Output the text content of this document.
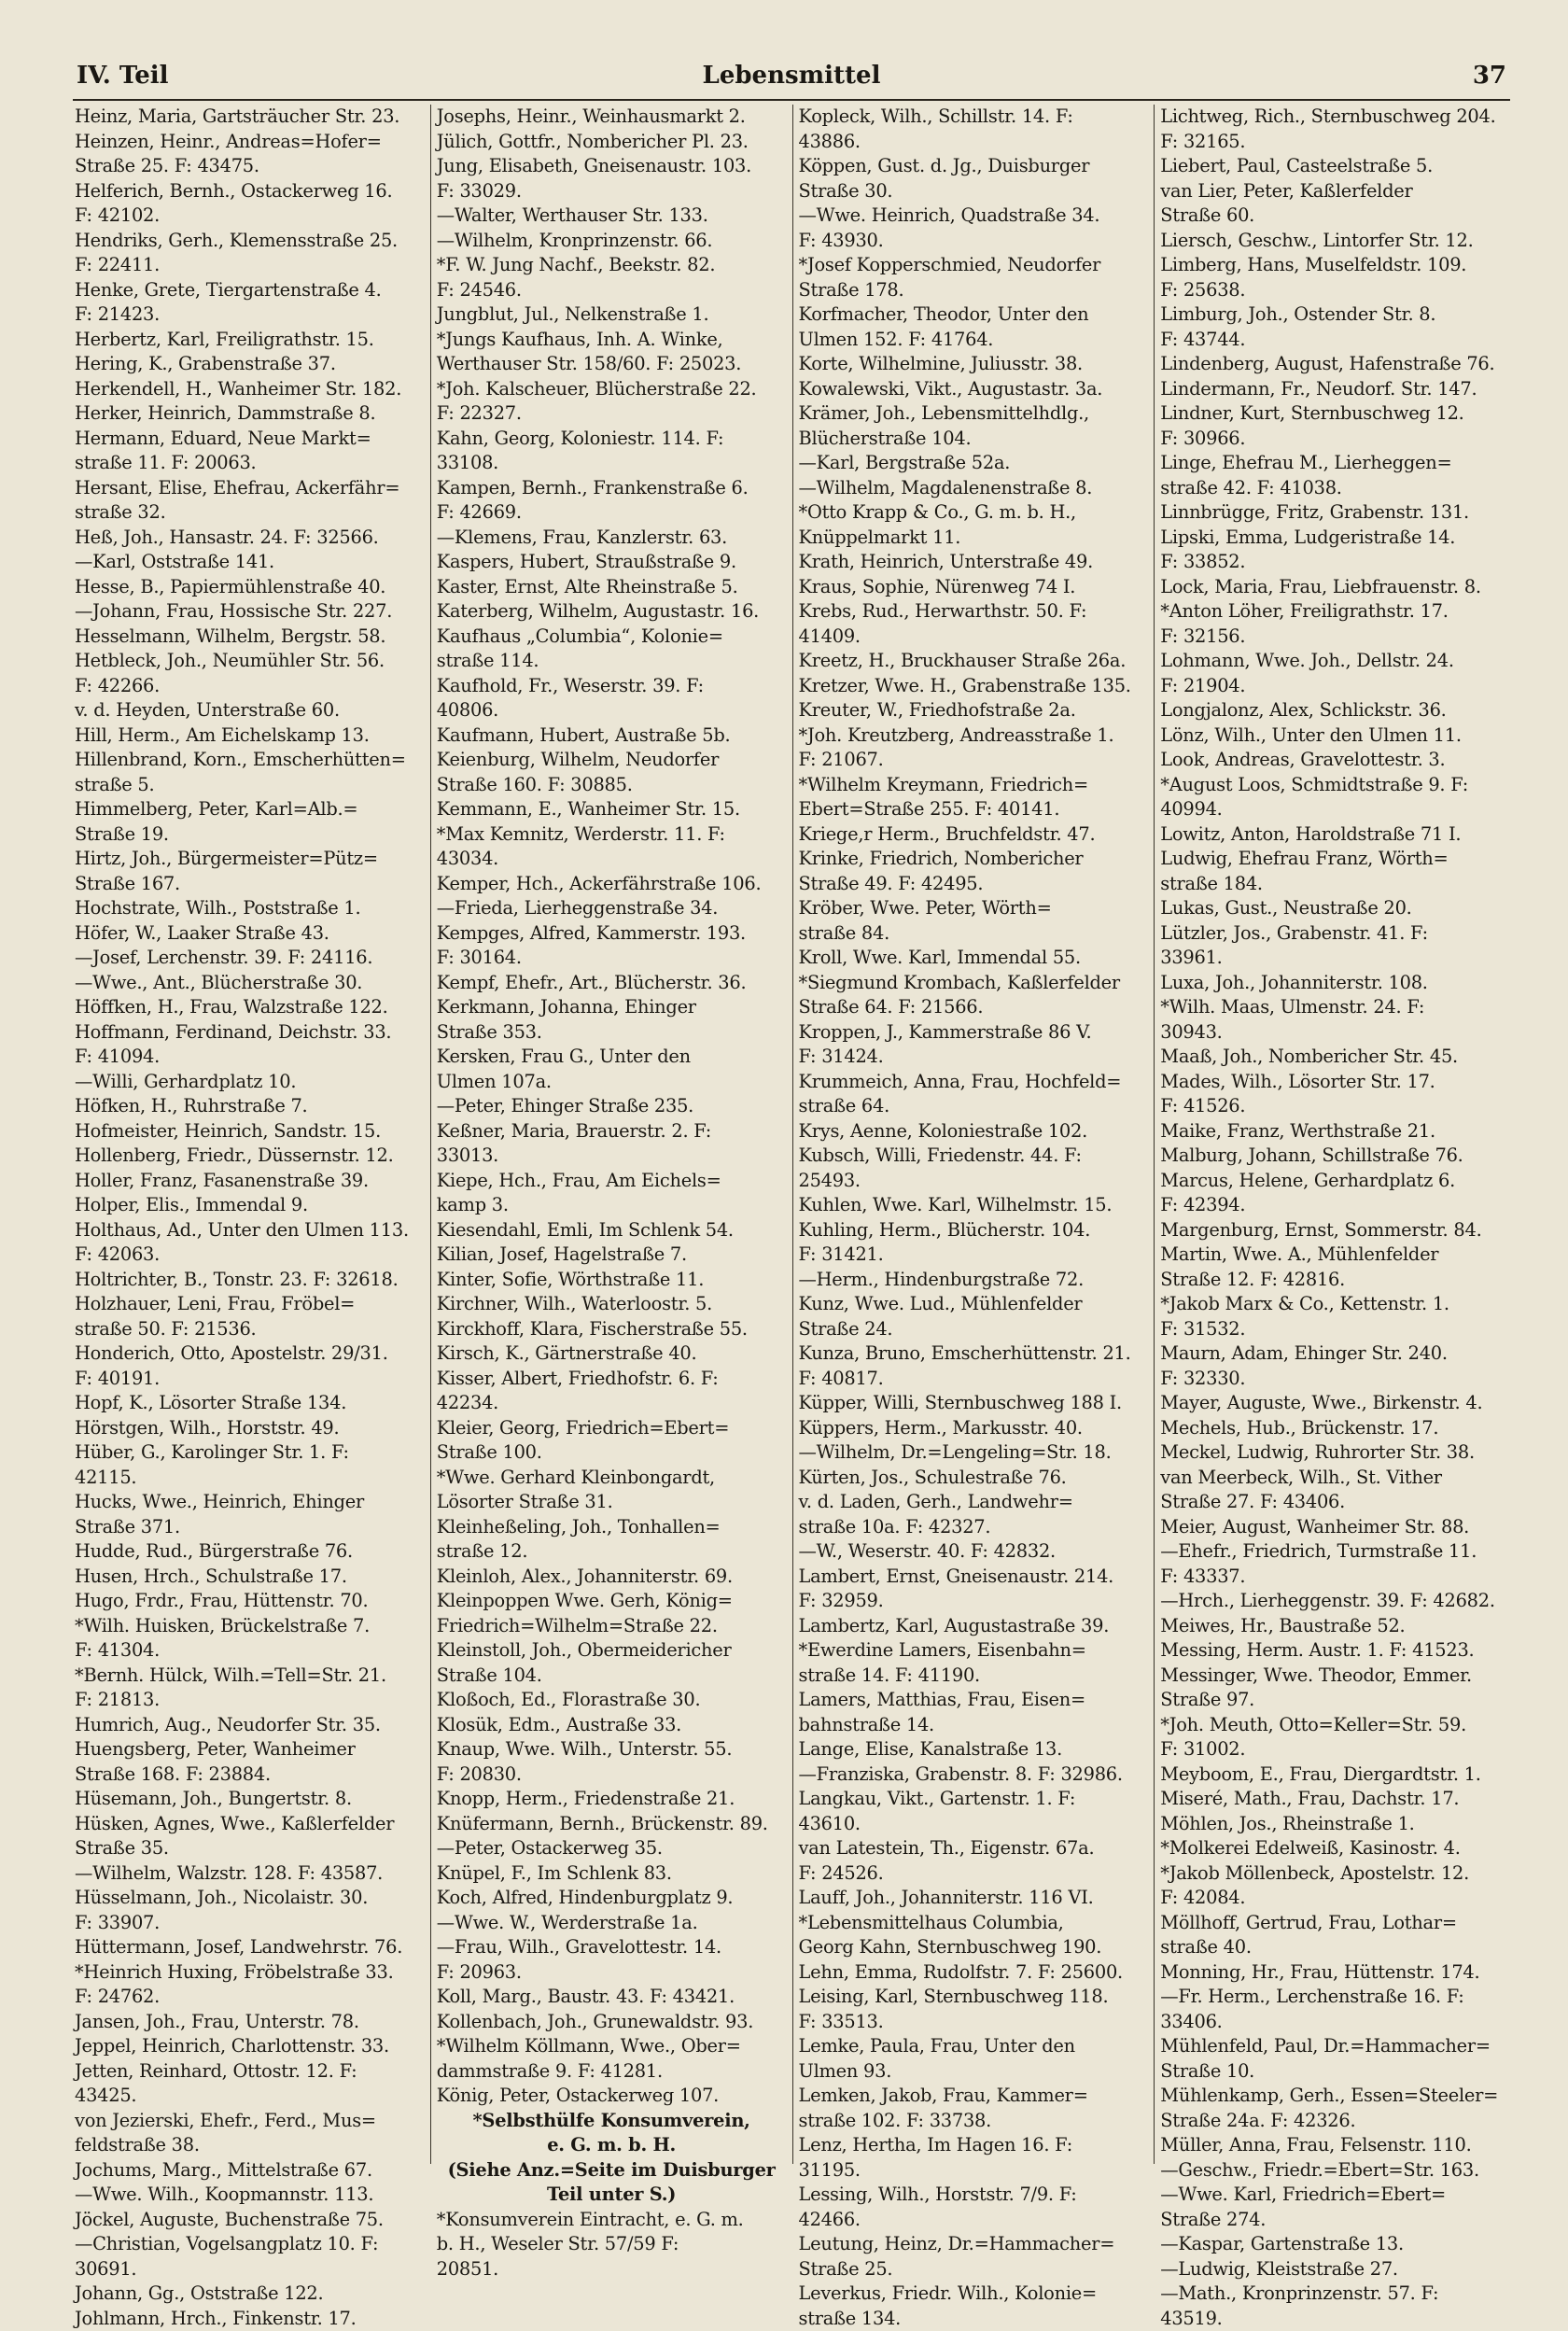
IV. Teil	Lebensmittel	37
Heinz, Maria, Gartsträucher Str. 23.
Heinzen, Heinr., Andreas=Hofer=
Straße 25. F: 43475.
Helferich, Bernh., Ostackerweg 16.
F: 42102.
Hendriks, Gerh., Klemensstraße 25.
F: 22411.
Henke, Grete, Tiergartenstraße 4.
F: 21423.
Herbertz, Karl, Freiligrathstr. 15.
Hering, K., Grabenstraße 37.
Herkendell, H., Wanheimer Str. 182.
Herker, Heinrich, Dammstraße 8.
Hermann, Eduard, Neue Markt=
straße 11. F: 20063.
Hersant, Elise, Ehefrau, Ackerfähr=
straße 32.
Heß, Joh., Hansastr. 24. F: 32566.
—Karl, Oststraße 141.
Hesse, B., Papiermühlenstraße 40.
—Johann, Frau, Hossische Str. 227.
Hesselmann, Wilhelm, Bergstr. 58.
Hetbleck, Joh., Neumühler Str. 56.
F: 42266.
v. d. Heyden, Unterstraße 60.
Hill, Herm., Am Eichelskamp 13.
Hillenbrand, Korn., Emscherhütten=
straße 5.
Himmelberg, Peter, Karl=Alb.=
Straße 19.
Hirtz, Joh., Bürgermeister=Pütz=
Straße 167.
Hochstrate, Wilh., Poststraße 1.
Höfer, W., Laaker Straße 43.
—Josef, Lerchenstr. 39. F: 24116.
—Wwe., Ant., Blücherstraße 30.
Höffken, H., Frau, Walzstraße 122.
Hoffmann, Ferdinand, Deichstr. 33.
F: 41094.
—Willi, Gerhardplatz 10.
Höfken, H., Ruhrstraße 7.
Hofmeister, Heinrich, Sandstr. 15.
Hollenberg, Friedr., Düssernstr. 12.
Holler, Franz, Fasanenstraße 39.
Holper, Elis., Immendal 9.
Holthaus, Ad., Unter den Ulmen 113.
F: 42063.
Holtrichter, B., Tonstr. 23. F: 32618.
Holzhauer, Leni, Frau, Fröbel=
straße 50. F: 21536.
Honderich, Otto, Apostelstr. 29/31.
F: 40191.
Hopf, K., Lösorter Straße 134.
Hörstgen, Wilh., Horststr. 49.
Hüber, G., Karolinger Str. 1. F:
42115.
Hucks, Wwe., Heinrich, Ehinger
Straße 371.
Hudde, Rud., Bürgerstraße 76.
Husen, Hrch., Schulstraße 17.
Hugo, Frdr., Frau, Hüttenstr. 70.
*Wilh. Huisken, Brückelstraße 7.
F: 41304.
*Bernh. Hülck, Wilh.=Tell=Str. 21.
F: 21813.
Humrich, Aug., Neudorfer Str. 35.
Huengsberg, Peter, Wanheimer
Straße 168. F: 23884.
Hüsemann, Joh., Bungertstr. 8.
Hüsken, Agnes, Wwe., Kaßlerfelder
Straße 35.
—Wilhelm, Walzstr. 128. F: 43587.
Hüsselmann, Joh., Nicolaistr. 30.
F: 33907.
Hüttermann, Josef, Landwehrstr. 76.
*Heinrich Huxing, Fröbelstraße 33.
F: 24762.
Jansen, Joh., Frau, Unterstr. 78.
Jeppel, Heinrich, Charlottenstr. 33.
Jetten, Reinhard, Ottostr. 12. F:
43425.
von Jezierski, Ehefr., Ferd., Mus=
feldstraße 38.
Jochums, Marg., Mittelstraße 67.
—Wwe. Wilh., Koopmannstr. 113.
Jöckel, Auguste, Buchenstraße 75.
—Christian, Vogelsangplatz 10. F:
30691.
Johann, Gg., Oststraße 122.
Johlmann, Hrch., Finkenstr. 17.
Josephs, Heinr., Weinhausmarkt 2.
Jülich, Gottfr., Nombericher Pl. 23.
Jung, Elisabeth, Gneisenaustr. 103.
F: 33029.
—Walter, Werthauser Str. 133.
—Wilhelm, Kronprinzenstr. 66.
*F. W. Jung Nachf., Beekstr. 82.
F: 24546.
Jungblut, Jul., Nelkenstraße 1.
*Jungs Kaufhaus, Inh. A. Winke,
Werthauser Str. 158/60. F: 25023.
*Joh. Kalscheuer, Blücherstraße 22.
F: 22327.
Kahn, Georg, Koloniestr. 114. F:
33108.
Kampen, Bernh., Frankenstraße 6.
F: 42669.
—Klemens, Frau, Kanzlerstr. 63.
Kaspers, Hubert, Straußstraße 9.
Kaster, Ernst, Alte Rheinstraße 5.
Katerberg, Wilhelm, Augustastr. 16.
Kaufhaus „Columbia“, Kolonie=
straße 114.
Kaufhold, Fr., Weserstr. 39. F:
40806.
Kaufmann, Hubert, Austraße 5b.
Keienburg, Wilhelm, Neudorfer
Straße 160. F: 30885.
Kemmann, E., Wanheimer Str. 15.
*Max Kemnitz, Werderstr. 11. F:
43034.
Kemper, Hch., Ackerfährstraße 106.
—Frieda, Lierheggenstraße 34.
Kempges, Alfred, Kammerstr. 193.
F: 30164.
Kempf, Ehefr., Art., Blücherstr. 36.
Kerkmann, Johanna, Ehinger
Straße 353.
Kersken, Frau G., Unter den
Ulmen 107a.
—Peter, Ehinger Straße 235.
Keßner, Maria, Brauerstr. 2. F:
33013.
Kiepe, Hch., Frau, Am Eichels=
kamp 3.
Kiesendahl, Emli, Im Schlenk 54.
Kilian, Josef, Hagelstraße 7.
Kinter, Sofie, Wörthstraße 11.
Kirchner, Wilh., Waterloostr. 5.
Kirckhoff, Klara, Fischerstraße 55.
Kirsch, K., Gärtnerstraße 40.
Kisser, Albert, Friedhofstr. 6. F:
42234.
Kleier, Georg, Friedrich=Ebert=
Straße 100.
*Wwe. Gerhard Kleinbongardt,
Lösorter Straße 31.
Kleinheßeling, Joh., Tonhallen=
straße 12.
Kleinloh, Alex., Johanniterstr. 69.
Kleinpoppen Wwe. Gerh, König=
Friedrich=Wilhelm=Straße 22.
Kleinstoll, Joh., Obermeidericher
Straße 104.
Kloßoch, Ed., Florastraße 30.
Klosük, Edm., Austraße 33.
Knaup, Wwe. Wilh., Unterstr. 55.
F: 20830.
Knopp, Herm., Friedenstraße 21.
Knüfermann, Bernh., Brückenstr. 89.
—Peter, Ostackerweg 35.
Knüpel, F., Im Schlenk 83.
Koch, Alfred, Hindenburgplatz 9.
—Wwe. W., Werderstraße 1a.
—Frau, Wilh., Gravelottestr. 14.
F: 20963.
Koll, Marg., Baustr. 43. F: 43421.
Kollenbach, Joh., Grunewaldstr. 93.
*Wilhelm Köllmann, Wwe., Ober=
dammstraße 9. F: 41281.
König, Peter, Ostackerweg 107.
*Selbsthülfe Konsumverein,
e. G. m. b. H.
(Siehe Anz.=Seite im Duisburger
Teil unter S.)
*Konsumverein Eintracht, e. G. m.
b. H., Weseler Str. 57/59 F:
20851.
Kopleck, Wilh., Schillstr. 14. F:
43886.
Köppen, Gust. d. Jg., Duisburger
Straße 30.
—Wwe. Heinrich, Quadstraße 34.
F: 43930.
*Josef Kopperschmied, Neudorfer
Straße 178.
Korfmacher, Theodor, Unter den
Ulmen 152. F: 41764.
Korte, Wilhelmine, Juliusstr. 38.
Kowalewski, Vikt., Augustastr. 3a.
Krämer, Joh., Lebensmittelhdlg.,
Blücherstraße 104.
—Karl, Bergstraße 52a.
—Wilhelm, Magdalenenstraße 8.
*Otto Krapp & Co., G. m. b. H.,
Knüppelmarkt 11.
Krath, Heinrich, Unterstraße 49.
Kraus, Sophie, Nürenweg 74 I.
Krebs, Rud., Herwarthstr. 50. F:
41409.
Kreetz, H., Bruckhauser Straße 26a.
Kretzer, Wwe. H., Grabenstraße 135.
Kreuter, W., Friedhofstraße 2a.
*Joh. Kreutzberg, Andreasstraße 1.
F: 21067.
*Wilhelm Kreymann, Friedrich=
Ebert=Straße 255. F: 40141.
Kriege,r Herm., Bruchfeldstr. 47.
Krinke, Friedrich, Nombericher
Straße 49. F: 42495.
Kröber, Wwe. Peter, Wörth=
straße 84.
Kroll, Wwe. Karl, Immendal 55.
*Siegmund Krombach, Kaßlerfelder
Straße 64. F: 21566.
Kroppen, J., Kammerstraße 86 V.
F: 31424.
Krummeich, Anna, Frau, Hochfeld=
straße 64.
Krys, Aenne, Koloniestraße 102.
Kubsch, Willi, Friedenstr. 44. F:
25493.
Kuhlen, Wwe. Karl, Wilhelmstr. 15.
Kuhling, Herm., Blücherstr. 104.
F: 31421.
—Herm., Hindenburgstraße 72.
Kunz, Wwe. Lud., Mühlenfelder
Straße 24.
Kunza, Bruno, Emscherhüttenstr. 21.
F: 40817.
Küpper, Willi, Sternbuschweg 188 I.
Küppers, Herm., Markusstr. 40.
—Wilhelm, Dr.=Lengeling=Str. 18.
Kürten, Jos., Schulestraße 76.
v. d. Laden, Gerh., Landwehr=
straße 10a. F: 42327.
—W., Weserstr. 40. F: 42832.
Lambert, Ernst, Gneisenaustr. 214.
F: 32959.
Lambertz, Karl, Augustastraße 39.
*Ewerdine Lamers, Eisenbahn=
straße 14. F: 41190.
Lamers, Matthias, Frau, Eisen=
bahnstraße 14.
Lange, Elise, Kanalstraße 13.
—Franziska, Grabenstr. 8. F: 32986.
Langkau, Vikt., Gartenstr. 1. F:
43610.
van Latestein, Th., Eigenstr. 67a.
F: 24526.
Lauff, Joh., Johanniterstr. 116 VI.
*Lebensmittelhaus Columbia,
Georg Kahn, Sternbuschweg 190.
Lehn, Emma, Rudolfstr. 7. F: 25600.
Leising, Karl, Sternbuschweg 118.
F: 33513.
Lemke, Paula, Frau, Unter den
Ulmen 93.
Lemken, Jakob, Frau, Kammer=
straße 102. F: 33738.
Lenz, Hertha, Im Hagen 16. F:
31195.
Lessing, Wilh., Horststr. 7/9. F:
42466.
Leutung, Heinz, Dr.=Hammacher=
Straße 25.
Leverkus, Friedr. Wilh., Kolonie=
straße 134.
Lichtweg, Rich., Sternbuschweg 204.
F: 32165.
Liebert, Paul, Casteelstraße 5.
van Lier, Peter, Kaßlerfelder
Straße 60.
Liersch, Geschw., Lintorfer Str. 12.
Limberg, Hans, Muselfeldstr. 109.
F: 25638.
Limburg, Joh., Ostender Str. 8.
F: 43744.
Lindenberg, August, Hafenstraße 76.
Lindermann, Fr., Neudorf. Str. 147.
Lindner, Kurt, Sternbuschweg 12.
F: 30966.
Linge, Ehefrau M., Lierheggen=
straße 42. F: 41038.
Linnbrügge, Fritz, Grabenstr. 131.
Lipski, Emma, Ludgeristraße 14.
F: 33852.
Lock, Maria, Frau, Liebfrauenstr. 8.
*Anton Löher, Freiligrathstr. 17.
F: 32156.
Lohmann, Wwe. Joh., Dellstr. 24.
F: 21904.
Longjalonz, Alex, Schlickstr. 36.
Lönz, Wilh., Unter den Ulmen 11.
Look, Andreas, Gravelottestr. 3.
*August Loos, Schmidtstraße 9. F:
40994.
Lowitz, Anton, Haroldstraße 71 I.
Ludwig, Ehefrau Franz, Wörth=
straße 184.
Lukas, Gust., Neustraße 20.
Lützler, Jos., Grabenstr. 41. F:
33961.
Luxa, Joh., Johanniterstr. 108.
*Wilh. Maas, Ulmenstr. 24. F:
30943.
Maaß, Joh., Nombericher Str. 45.
Mades, Wilh., Lösorter Str. 17.
F: 41526.
Maike, Franz, Werthstraße 21.
Malburg, Johann, Schillstraße 76.
Marcus, Helene, Gerhardplatz 6.
F: 42394.
Margenburg, Ernst, Sommerstr. 84.
Martin, Wwe. A., Mühlenfelder
Straße 12. F: 42816.
*Jakob Marx & Co., Kettenstr. 1.
F: 31532.
Maurn, Adam, Ehinger Str. 240.
F: 32330.
Mayer, Auguste, Wwe., Birkenstr. 4.
Mechels, Hub., Brückenstr. 17.
Meckel, Ludwig, Ruhrorter Str. 38.
van Meerbeck, Wilh., St. Vither
Straße 27. F: 43406.
Meier, August, Wanheimer Str. 88.
—Ehefr., Friedrich, Turmstraße 11.
F: 43337.
—Hrch., Lierheggenstr. 39. F: 42682.
Meiwes, Hr., Baustraße 52.
Messing, Herm. Austr. 1. F: 41523.
Messinger, Wwe. Theodor, Emmer.
Straße 97.
*Joh. Meuth, Otto=Keller=Str. 59.
F: 31002.
Meyboom, E., Frau, Diergardtstr. 1.
Miseré, Math., Frau, Dachstr. 17.
Möhlen, Jos., Rheinstraße 1.
*Molkerei Edelweiß, Kasinostr. 4.
*Jakob Möllenbeck, Apostelstr. 12.
F: 42084.
Möllhoff, Gertrud, Frau, Lothar=
straße 40.
Monning, Hr., Frau, Hüttenstr. 174.
—Fr. Herm., Lerchenstraße 16. F:
33406.
Mühlenfeld, Paul, Dr.=Hammacher=
Straße 10.
Mühlenkamp, Gerh., Essen=Steeler=
Straße 24a. F: 42326.
Müller, Anna, Frau, Felsenstr. 110.
—Geschw., Friedr.=Ebert=Str. 163.
—Wwe. Karl, Friedrich=Ebert=
Straße 274.
—Kaspar, Gartenstraße 13.
—Ludwig, Kleiststraße 27.
—Math., Kronprinzenstr. 57. F:
43519.
